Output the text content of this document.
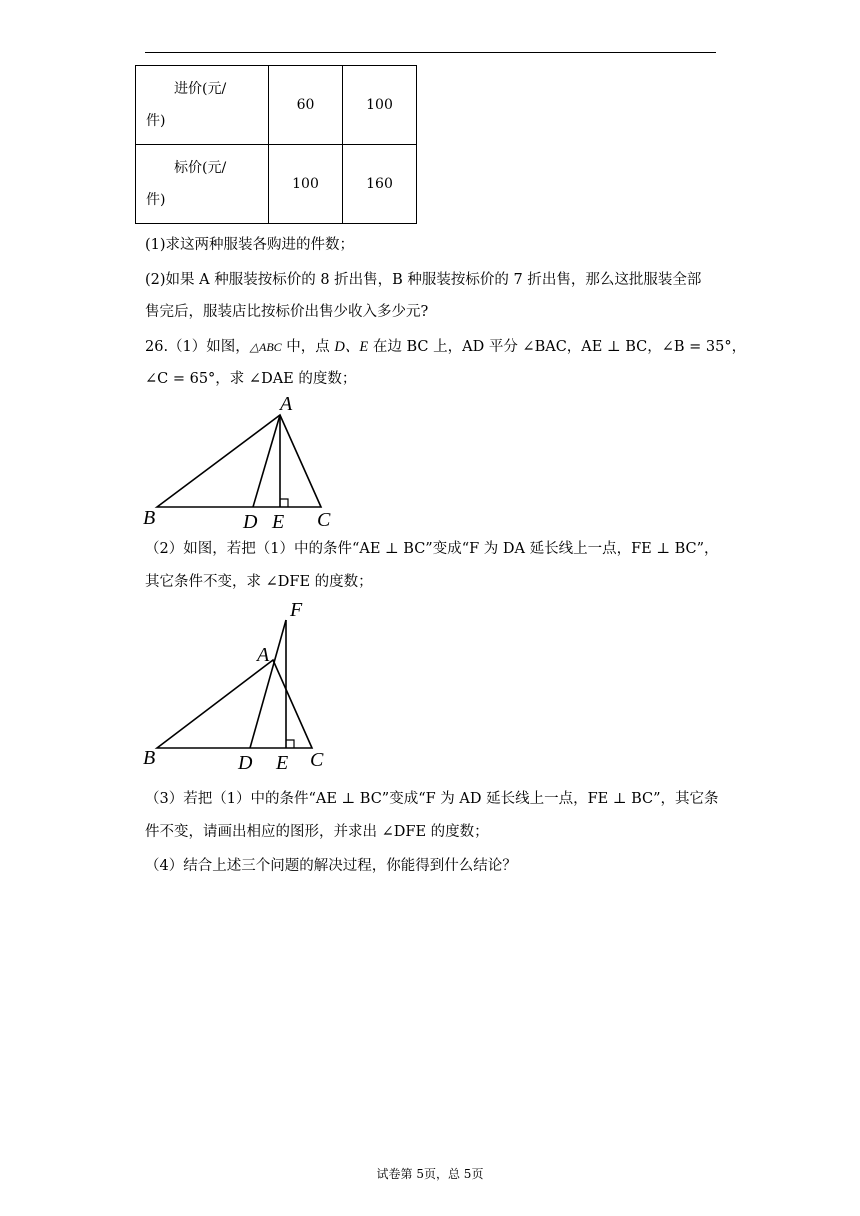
进价(元/
件)	60	100

标价(元/
件)	100	160
(1)求这两种服装各购进的件数；
(2)如果 A 种服装按标价的 8 折出售，B 种服装按标价的 7 折出售，那么这批服装全部
售完后，服装店比按标价出售少收入多少元?
26.（1）如图，△ABC 中，点 D、E 在边 BC 上，AD 平分 ∠BAC，AE ⊥ BC，∠B = 35°，
∠C = 65°，求 ∠DAE 的度数；
A
B	D E C
（2）如图，若把（1）中的条件“AE ⊥ BC”变成“F 为 DA 延长线上一点，FE ⊥ BC”，
其它条件不变，求 ∠DFE 的度数；
F
A
B	D E C
（3）若把（1）中的条件“AE ⊥ BC”变成“F 为 AD 延长线上一点，FE ⊥ BC”，其它条
件不变，请画出相应的图形，并求出 ∠DFE 的度数；
（4）结合上述三个问题的解决过程，你能得到什么结论？
试卷第 5页，总 5页
